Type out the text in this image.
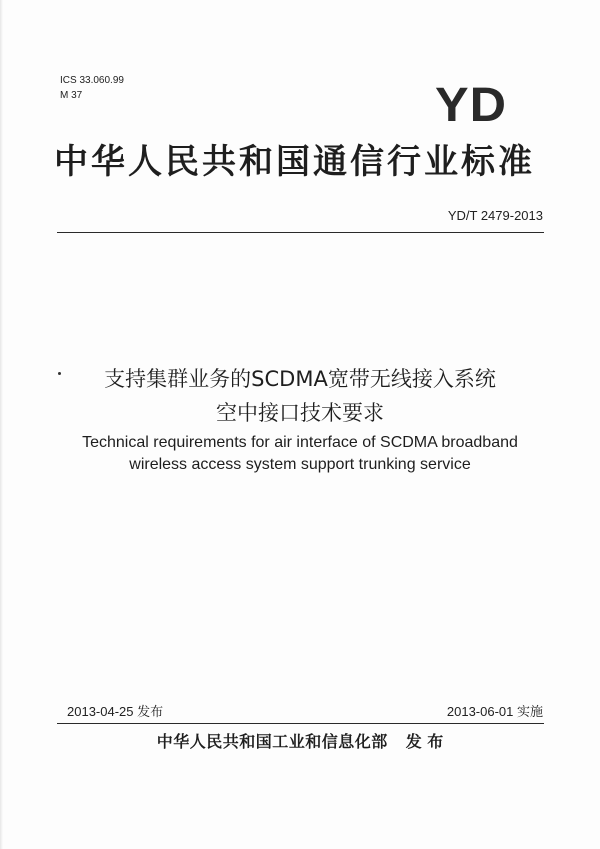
ICS 33.060.99
M 37	YD
中华人民共和国通信行业标准
YD/T 2479-2013
支持集群业务的SCDMA宽带无线接入系统
空中接口技术要求
Technical requirements for air interface of SCDMA broadband
wireless access system support trunking service
2013-04-25 发布	2013-06-01 实施
中华人民共和国工业和信息化部 发 布
